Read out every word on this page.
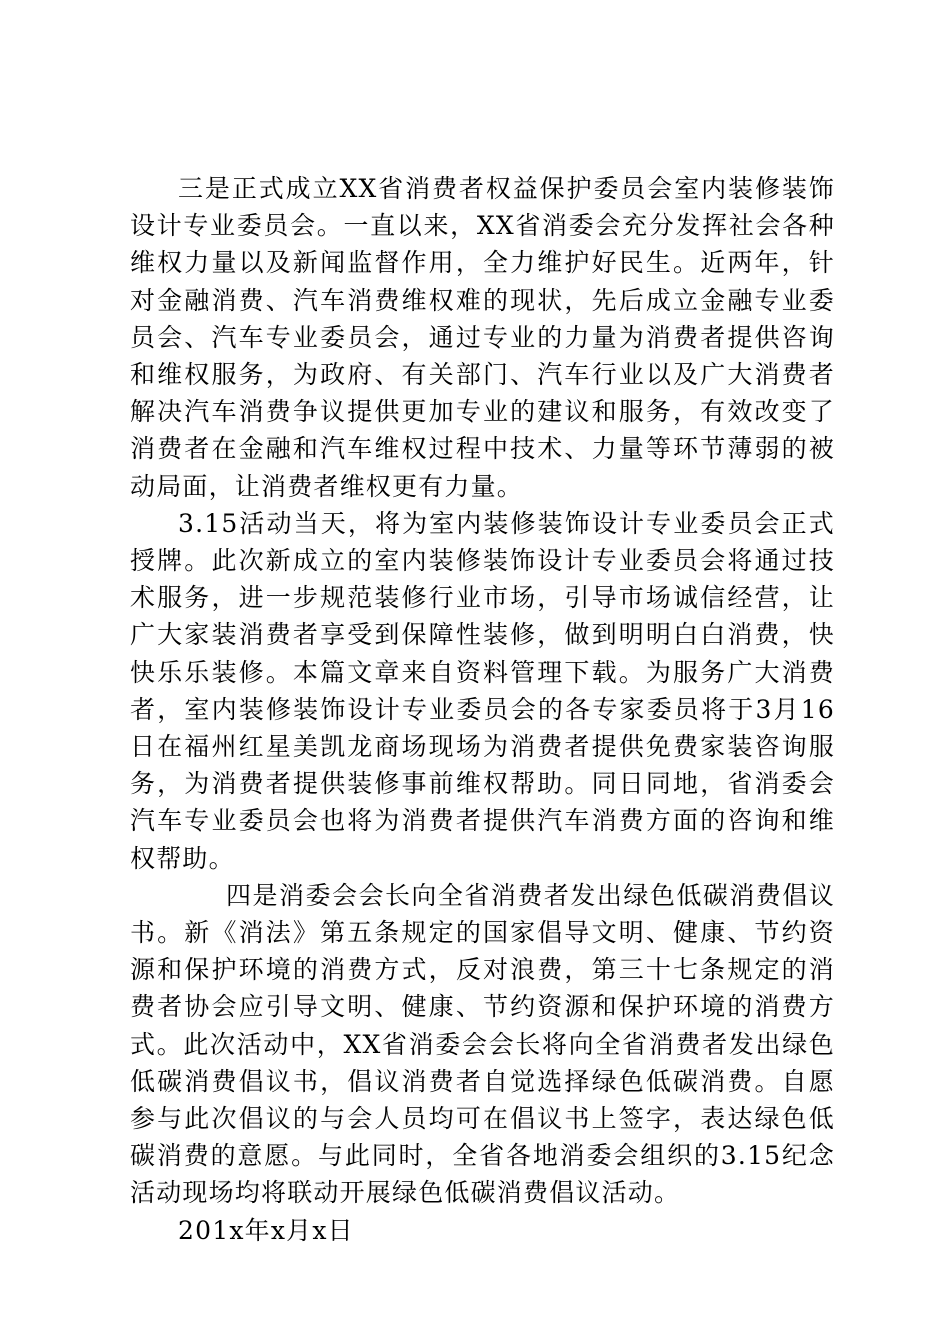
三是正式成立XX省消费者权益保护委员会室内装修装饰设计专业委员会。一直以来，XX省消委会充分发挥社会各种维权力量以及新闻监督作用，全力维护好民生。近两年，针对金融消费、汽车消费维权难的现状，先后成立金融专业委员会、汽车专业委员会，通过专业的力量为消费者提供咨询和维权服务，为政府、有关部门、汽车行业以及广大消费者解决汽车消费争议提供更加专业的建议和服务，有效改变了消费者在金融和汽车维权过程中技术、力量等环节薄弱的被动局面，让消费者维权更有力量。

3.15活动当天，将为室内装修装饰设计专业委员会正式授牌。此次新成立的室内装修装饰设计专业委员会将通过技术服务，进一步规范装修行业市场，引导市场诚信经营，让广大家装消费者享受到保障性装修，做到明明白白消费，快快乐乐装修。本篇文章来自资料管理下载。为服务广大消费者，室内装修装饰设计专业委员会的各专家委员将于3月16日在福州红星美凯龙商场现场为消费者提供免费家装咨询服务，为消费者提供装修事前维权帮助。同日同地，省消委会汽车专业委员会也将为消费者提供汽车消费方面的咨询和维权帮助。

四是消委会会长向全省消费者发出绿色低碳消费倡议书。新《消法》第五条规定的国家倡导文明、健康、节约资源和保护环境的消费方式，反对浪费，第三十七条规定的消费者协会应引导文明、健康、节约资源和保护环境的消费方式。此次活动中，XX省消委会会长将向全省消费者发出绿色低碳消费倡议书，倡议消费者自觉选择绿色低碳消费。自愿参与此次倡议的与会人员均可在倡议书上签字，表达绿色低碳消费的意愿。与此同时，全省各地消委会组织的3.15纪念活动现场均将联动开展绿色低碳消费倡议活动。

201x年x月x日
